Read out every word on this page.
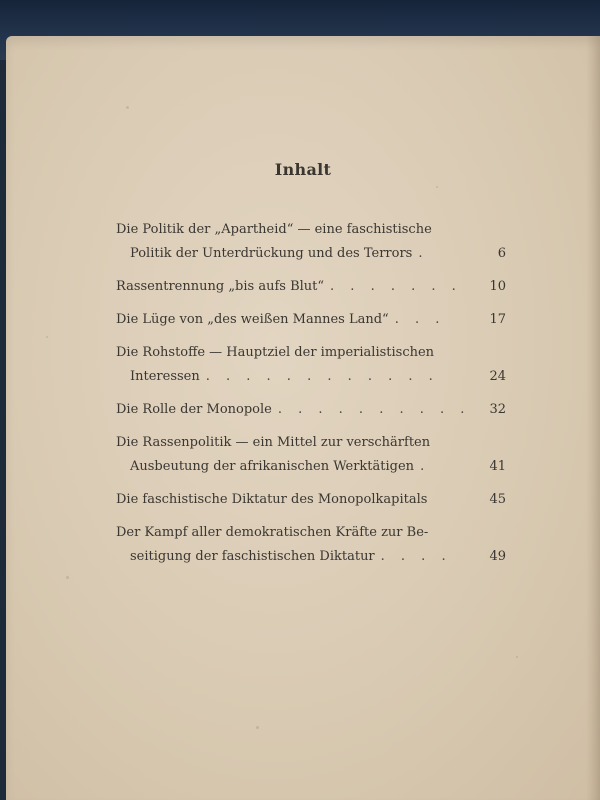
Inhalt
Die Politik der „Apartheid“ — eine faschistische
Politik der Unterdrückung und des Terrors .	6
Rassentrennung „bis aufs Blut“ . . . . . . .	10
Die Lüge von „des weißen Mannes Land“ . . .	17
Die Rohstoffe — Hauptziel der imperialistischen
Interessen . . . . . . . . . . . .	24
Die Rolle der Monopole . . . . . . . . . .	32
Die Rassenpolitik — ein Mittel zur verschärften
Ausbeutung der afrikanischen Werktätigen .	41
Die faschistische Diktatur des Monopolkapitals	45
Der Kampf aller demokratischen Kräfte zur Be-
seitigung der faschistischen Diktatur . . . .	49
